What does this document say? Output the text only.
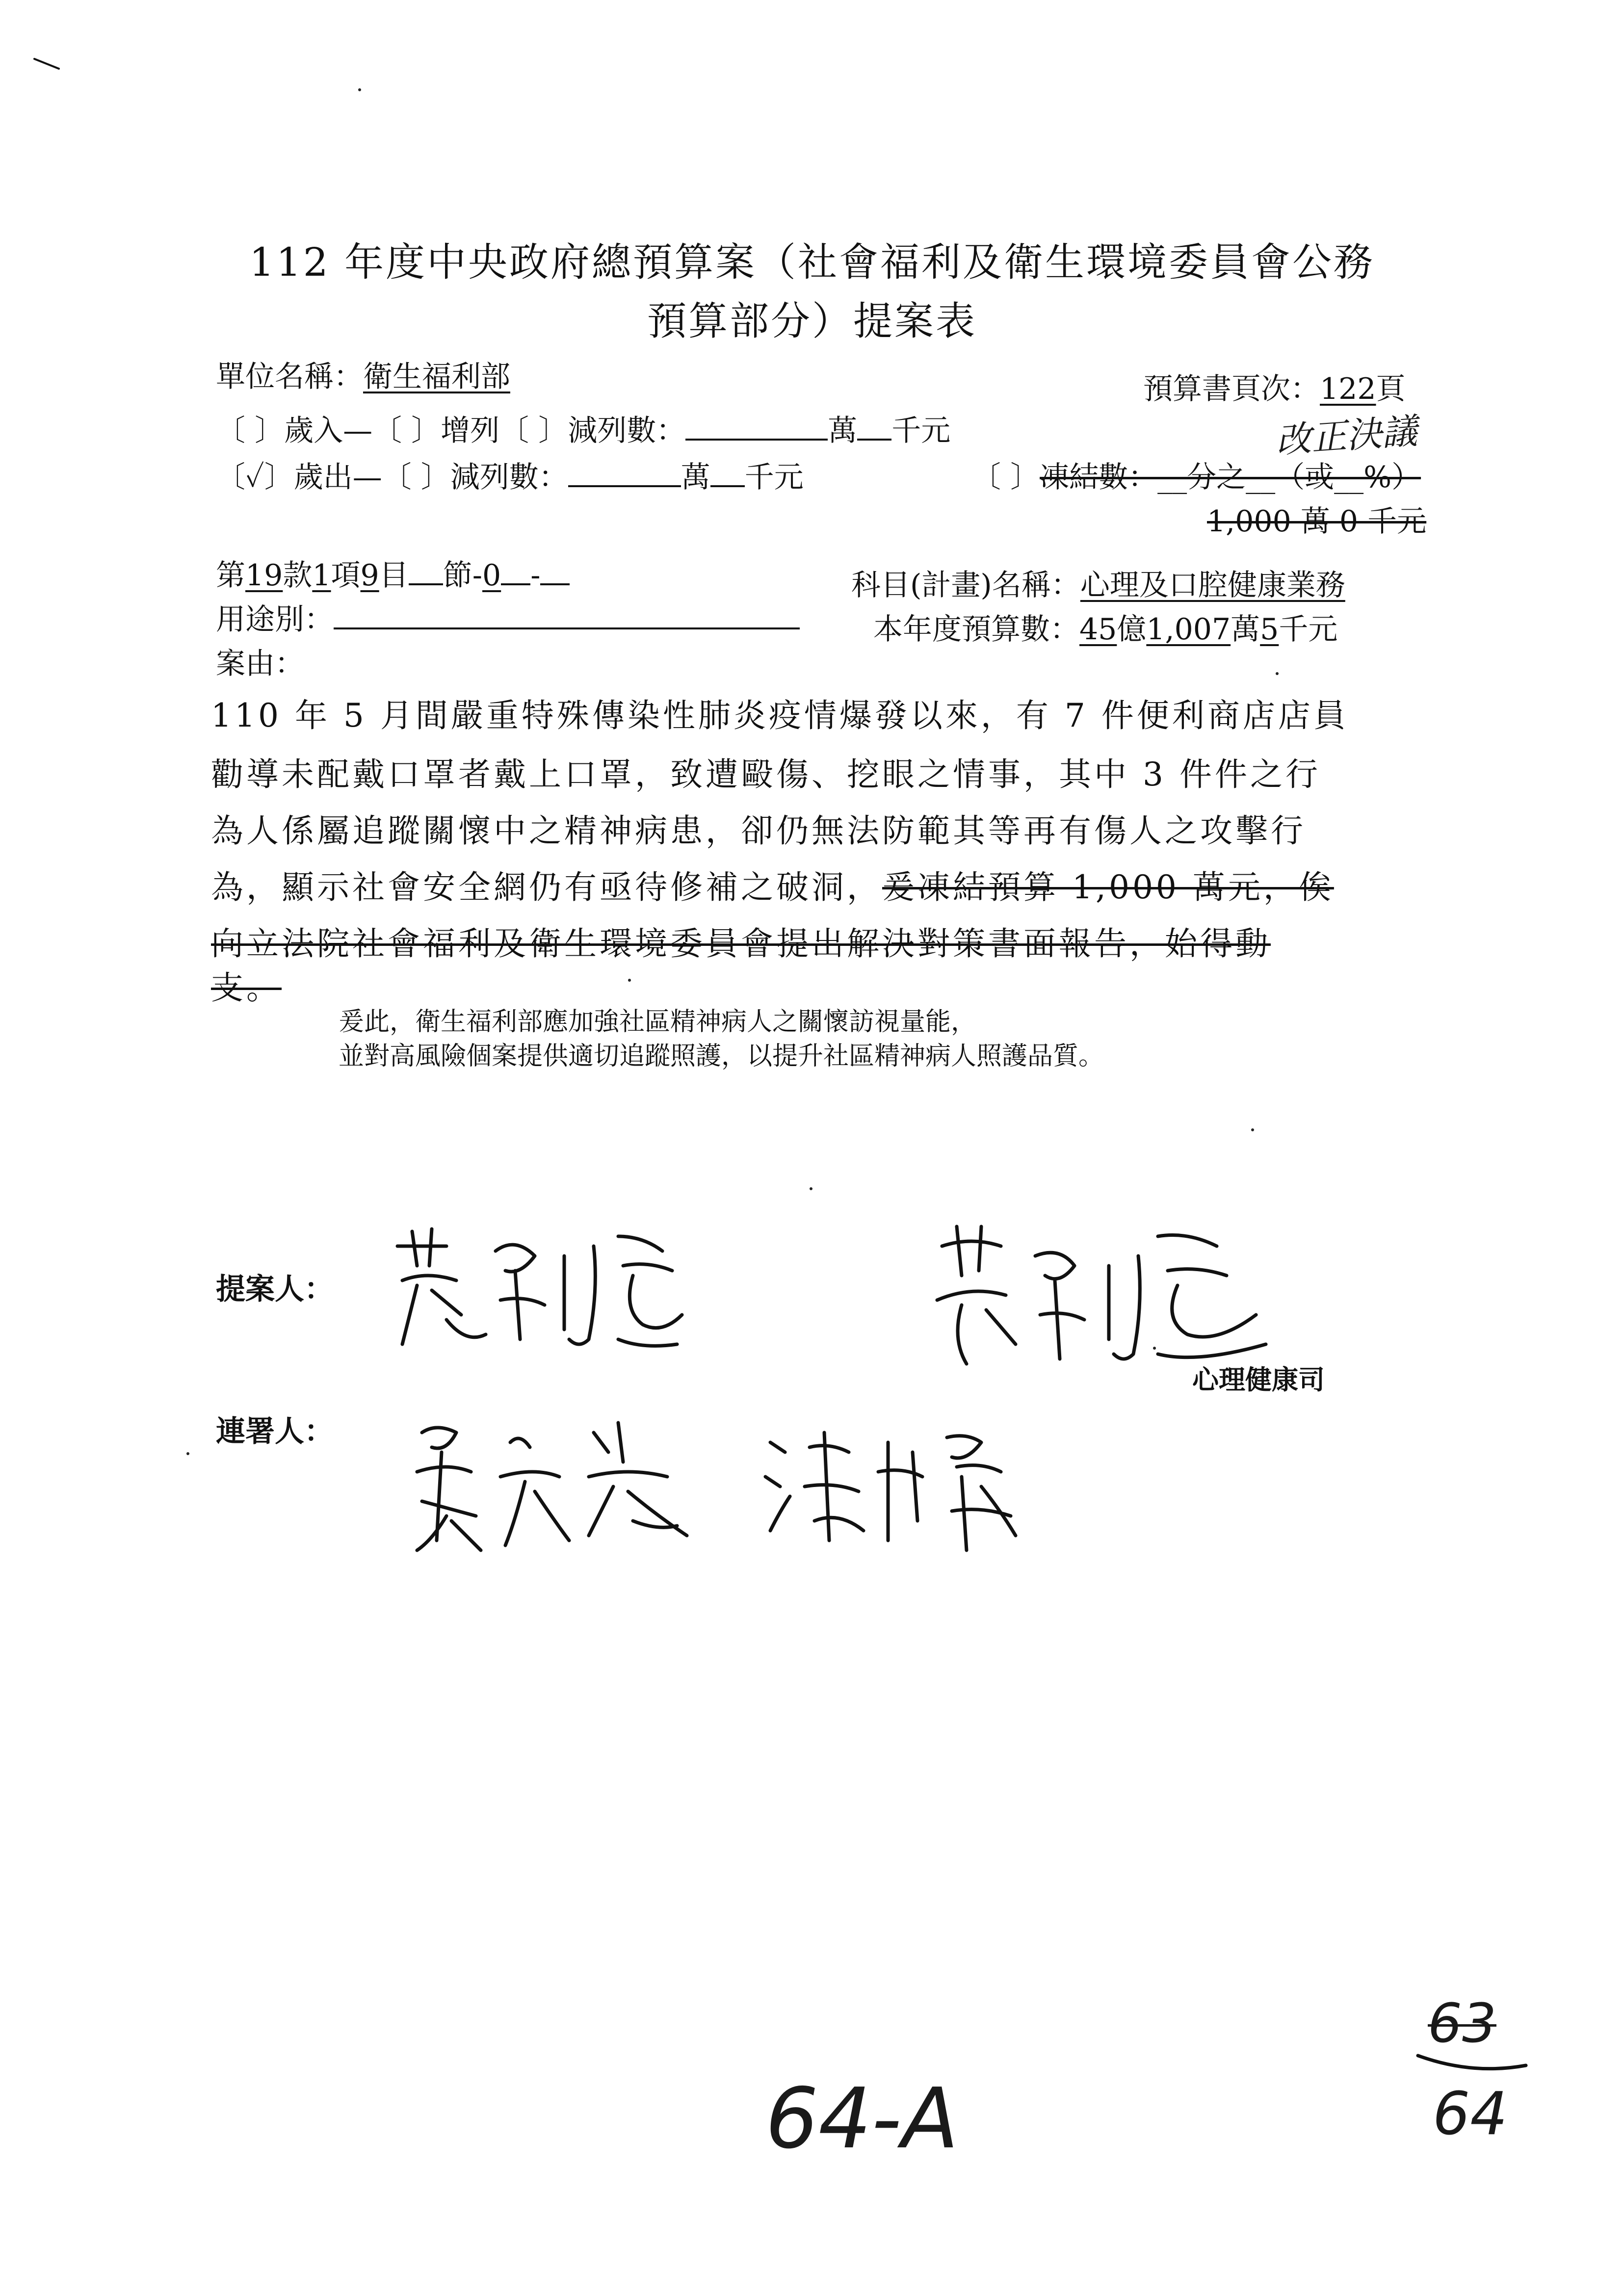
112 年度中央政府總預算案（社會福利及衛生環境委員會公務
預算部分）提案表
單位名稱：衛生福利部	預算書頁次：122頁
〔 〕歲入—〔 〕增列〔 〕減列數：	萬 千元	改正決議
〔✓〕歲出—〔 〕減列數：	萬 千元	〔 〕凍結數：__分之__（或__%）
1,000 萬 0 千元
第19款1項9目 節-0 -	科目(計畫)名稱：心理及口腔健康業務
用途別：	本年度預算數：45億1,007萬5千元
案由：
110 年 5 月間嚴重特殊傳染性肺炎疫情爆發以來，有 7 件便利商店店員
勸導未配戴口罩者戴上口罩，致遭毆傷、挖眼之情事，其中 3 件件之行
為人係屬追蹤關懷中之精神病患，卻仍無法防範其等再有傷人之攻擊行
為，顯示社會安全網仍有亟待修補之破洞，爰凍結預算 1,000 萬元，俟
向立法院社會福利及衛生環境委員會提出解決對策書面報告，始得動
支。
爰此，衛生福利部應加強社區精神病人之關懷訪視量能，
並對高風險個案提供適切追蹤照護，以提升社區精神病人照護品質。
提案人：
心理健康司
連署人：
64-A
63
64
